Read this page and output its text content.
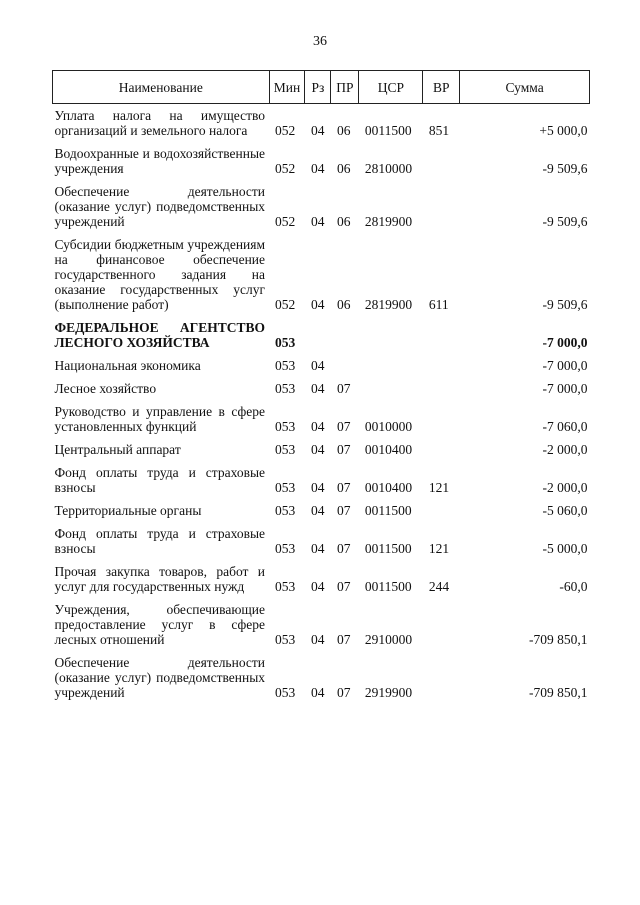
36
Наименование	Мин	Рз	ПР	ЦСР	ВР	Сумма
Уплата налога на имущество организаций и земельного налога	052	04	06	0011500	851	+5 000,0
Водоохранные и водохозяйственные учреждения	052	04	06	2810000		-9 509,6
Обеспечение деятельности (оказание услуг) подведомственных учреждений	052	04	06	2819900		-9 509,6
Субсидии бюджетным учреждениям на финансовое обеспечение государственного задания на оказание государственных услуг (выполнение работ)	052	04	06	2819900	611	-9 509,6
ФЕДЕРАЛЬНОЕ АГЕНТСТВО ЛЕСНОГО ХОЗЯЙСТВА	053					-7 000,0
Национальная экономика	053	04				-7 000,0
Лесное хозяйство	053	04	07			-7 000,0
Руководство и управление в сфере установленных функций	053	04	07	0010000		-7 060,0
Центральный аппарат	053	04	07	0010400		-2 000,0
Фонд оплаты труда и страховые взносы	053	04	07	0010400	121	-2 000,0
Территориальные органы	053	04	07	0011500		-5 060,0
Фонд оплаты труда и страховые взносы	053	04	07	0011500	121	-5 000,0
Прочая закупка товаров, работ и услуг для государственных нужд	053	04	07	0011500	244	-60,0
Учреждения, обеспечивающие предоставление услуг в сфере лесных отношений	053	04	07	2910000		-709 850,1
Обеспечение деятельности (оказание услуг) подведомственных учреждений	053	04	07	2919900		-709 850,1
